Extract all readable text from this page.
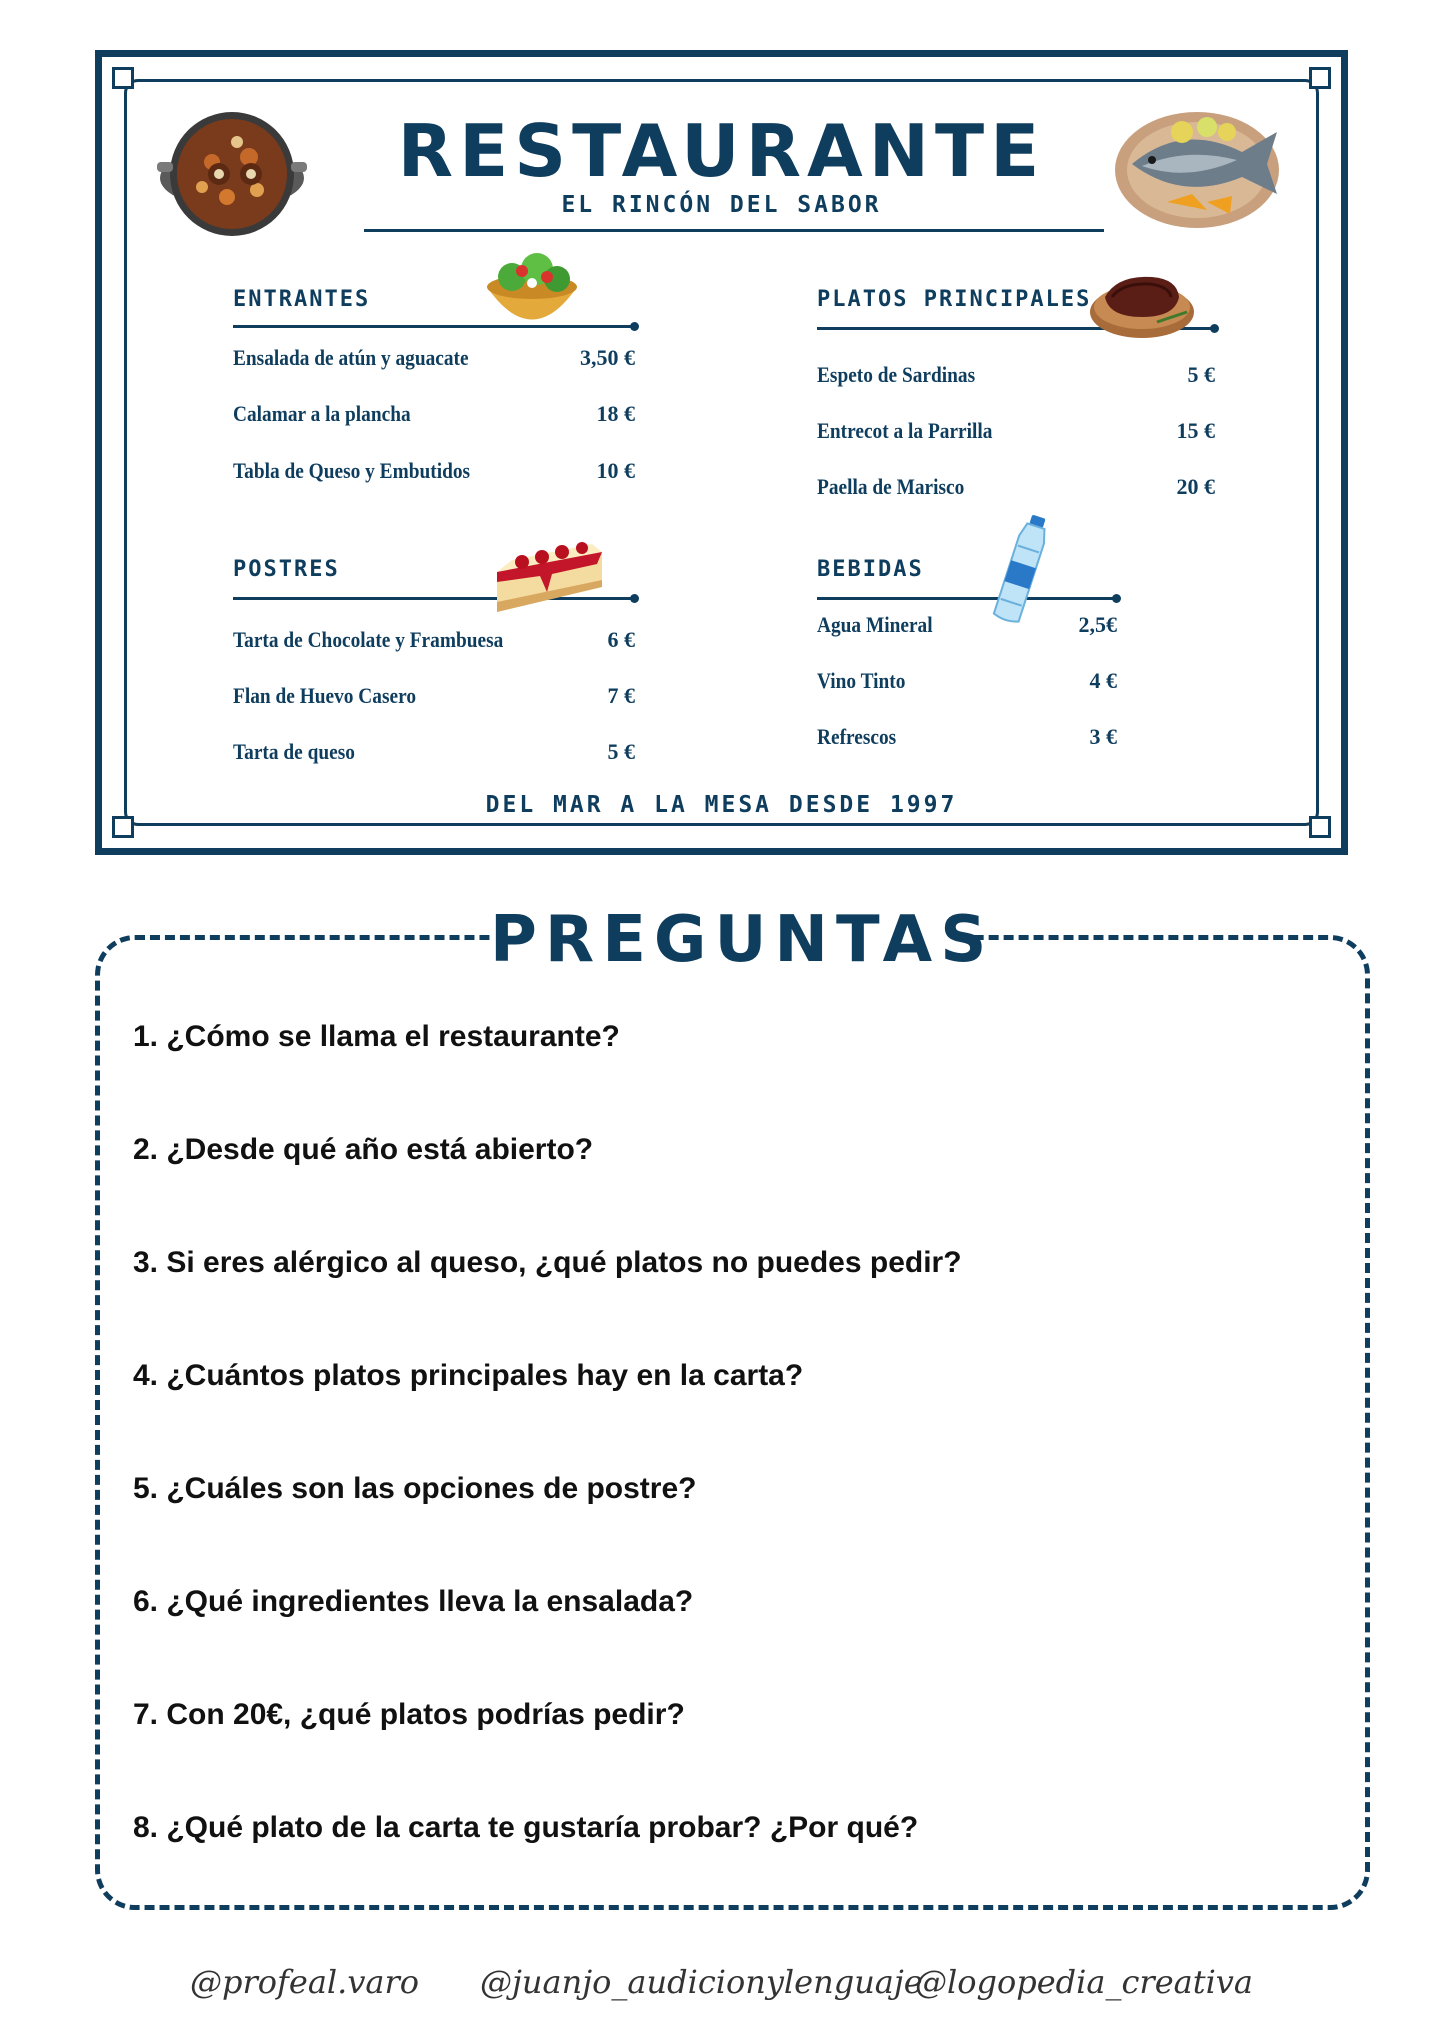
RESTAURANTE
EL RINCÓN DEL SABOR
ENTRANTES
Ensalada de atún y aguacate	3,50 €
Calamar a la plancha	18 €
Tabla de Queso y Embutidos	10 €
PLATOS PRINCIPALES
Espeto de Sardinas	5 €
Entrecot a la Parrilla	15 €
Paella de Marisco	20 €
POSTRES
Tarta de Chocolate y Frambuesa	6 €
Flan de Huevo Casero	7 €
Tarta de queso	5 €
BEBIDAS
Agua Mineral	2,5€
Vino Tinto	4 €
Refrescos	3 €
DEL MAR A LA MESA DESDE 1997
PREGUNTAS
1. ¿Cómo se llama el restaurante?
2. ¿Desde qué año está abierto?
3. Si eres alérgico al queso, ¿qué platos no puedes pedir?
4. ¿Cuántos platos principales hay en la carta?
5. ¿Cuáles son las opciones de postre?
6. ¿Qué ingredientes lleva la ensalada?
7. Con 20€, ¿qué platos podrías pedir?
8. ¿Qué plato de la carta te gustaría probar? ¿Por qué?
@profeal.varo @juanjo_audicionylenguaje
@logopedia_creativa
